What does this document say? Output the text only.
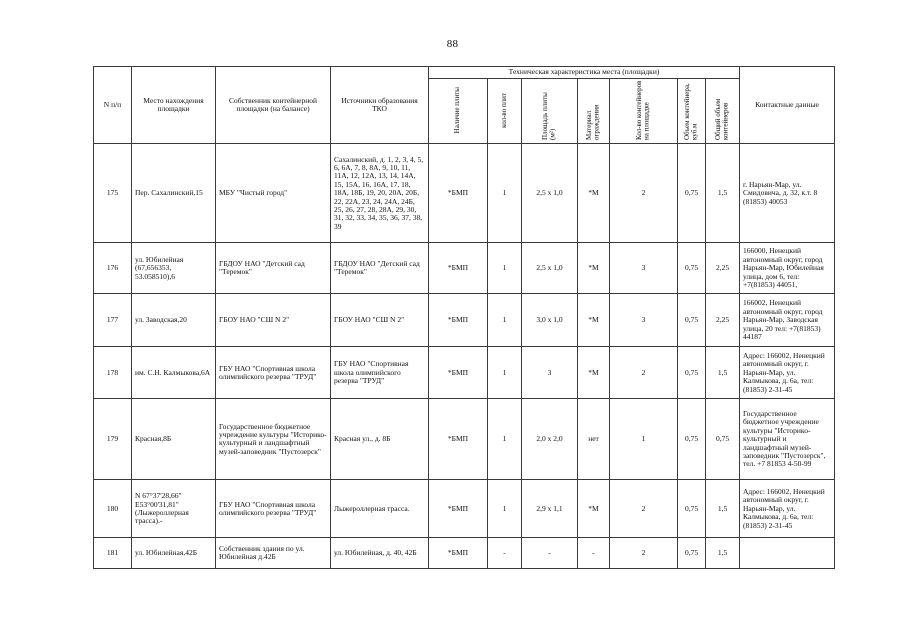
88
N п/п	Место нахождения площадки	Собственник контейнерной площадки (на балансе)	Источники образования ТКО	Техническая характеристика места (площадки)							Контактные данные
				Наличие плиты	кол-во плит	Площадь плиты (м²)	Материал ограждения	Кол-во контейнеров на площадке	Объем контейнера, куб.м	Общий объем контейнеров	
175	Пер. Сахалинский,15	МБУ "Чистый город"	Сахалинский, д. 1, 2, 3, 4, 5, 6, 6А, 7, 8, 8А, 9, 10, 11, 11А, 12, 12А, 13, 14, 14А, 15, 15А, 16, 16А, 17, 18, 18А, 18Б, 19, 20, 20А, 20Б, 22, 22А, 23, 24, 24А, 24Б, 25, 26, 27, 28, 28А, 29, 30, 31, 32, 33, 34, 35, 36, 37, 38, 39	*БМП	1	2,5 х 1,0	*М	2	0,75	1,5	г. Нарьян-Мар, ул. Смидовича, д. 32, к.т. 8 (81853) 40053
176	ул. Юбилейная (67,656353, 53.058510),6	ГБДОУ НАО "Детский сад "Теремок"	ГБДОУ НАО "Детский сад "Теремок"	*БМП	1	2,5 х 1,0	*М	3	0,75	2,25	166000, Ненецкий автономный округ, город Нарьян-Мар, Юбилейная улица, дом 6, тел: +7(81853) 44051,
177	ул. Заводская,20	ГБОУ НАО "СШ N 2"	ГБОУ НАО "СШ N 2"	*БМП	1	3,0 х 1,0	*М	3	0,75	2,25	166002, Ненецкий автономный округ, город Нарьян-Мар, Заводская улица, 20 тел: +7(81853) 44187
178	им. С.Н. Калмыкова,6А	ГБУ НАО "Спортивная школа олимпийского резерва "ТРУД"	ГБУ НАО "Спортивная школа олимпийского резерва "ТРУД"	*БМП	1	3	*М	2	0,75	1,5	Адрес: 166002, Ненецкий автономный округ, г. Нарьян-Мар, ул. Калмыкова, д. 6а, тел: (81853) 2-31-45
179	Красная,8Б	Государственное бюджетное учреждение культуры "Историко-культурный и ландшафтный музей-заповедник "Пустозерск"	Красная ул., д. 8Б	*БМП	1	2,0 х 2,0	нет	1	0,75	0,75	Государственное бюджетное учреждение культуры "Историко-культурный и ландшафтный музей-заповедник "Пустозерск", тел. +7 81853 4-50-99
180	N 67°37'28,66" E53°00'31,81" (Лыжероллерная трасса).-	ГБУ НАО "Спортивная школа олимпийского резерва "ТРУД"	Лыжероллерная трасса.	*БМП	1	2,9 х 1,1	*М	2	0,75	1,5	Адрес: 166002, Ненецкий автономный округ, г. Нарьян-Мар, ул. Калмыкова, д. 6а, тел: (81853) 2-31-45
181	ул. Юбилейная,42Б	Собственник здания по ул. Юбилейная д.42Б	ул. Юбилейная, д. 40, 42Б	*БМП	-	-	-	2	0,75	1,5	
